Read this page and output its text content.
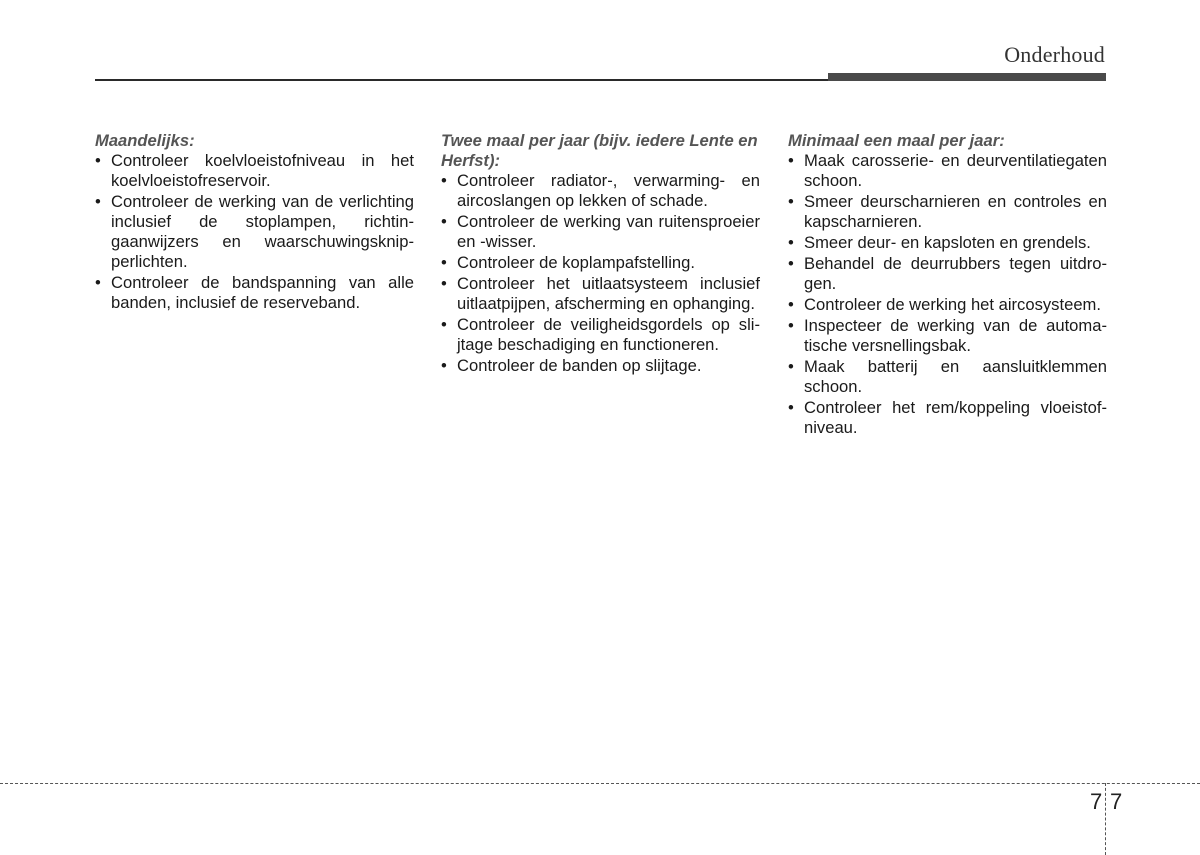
Onderhoud

Maandelijks:

• Controleer koelvloeistofniveau in het koelvloeistofreservoir.
• Controleer de werking van de verlichting inclusief de stoplampen, richtingaanwijzers en waarschuwingsknipperlichten.
• Controleer de bandspanning van alle banden, inclusief de reserveband.

Twee maal per jaar (bijv. iedere Lente en Herfst):

• Controleer radiator-, verwarming- en aircoslangen op lekken of schade.
• Controleer de werking van ruitensproeier en -wisser.
• Controleer de koplampafstelling.
• Controleer het uitlaatsysteem inclusief uitlaatpijpen, afscherming en ophanging.
• Controleer de veiligheidsgordels op slijtage beschadiging en functioneren.
• Controleer de banden op slijtage.

Minimaal een maal per jaar:

• Maak carosserie- en deurventilatiegaten schoon.
• Smeer deurscharnieren en controles en kapscharnieren.
• Smeer deur- en kapsloten en grendels.
• Behandel de deurrubbers tegen uitdrogen.
• Controleer de werking het aircosysteem.
• Inspecteer de werking van de automatische versnellingsbak.
• Maak batterij en aansluitklemmen schoon.
• Controleer het rem/koppeling vloeistofniveau.
7 7
